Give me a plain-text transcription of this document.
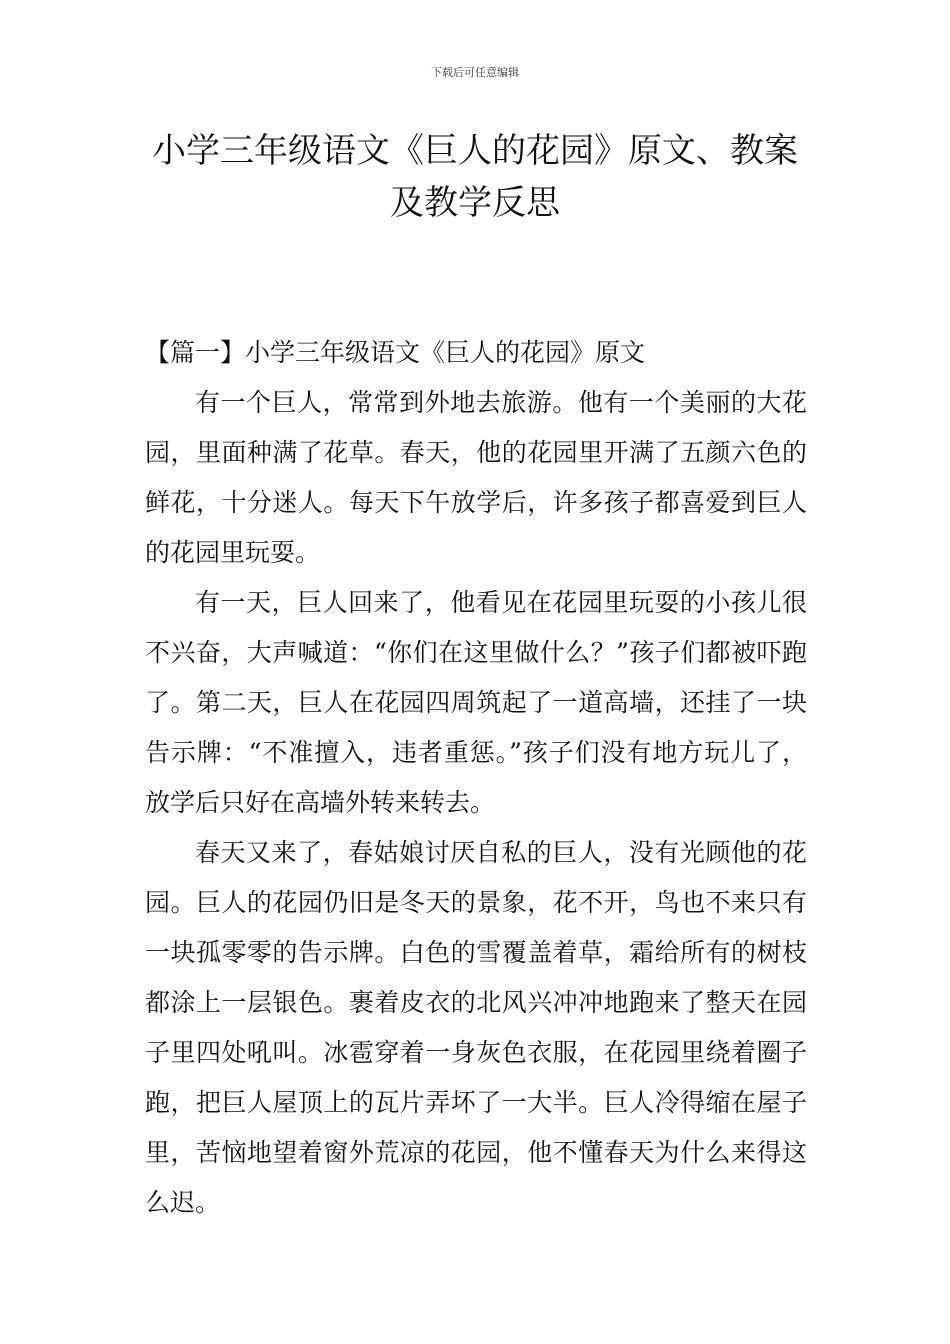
下载后可任意编辑
小学三年级语文《巨人的花园》原文、教案及教学反思

【篇一】小学三年级语文《巨人的花园》原文

有一个巨人，常常到外地去旅游。他有一个美丽的大花园，里面种满了花草。春天，他的花园里开满了五颜六色的鲜花，十分迷人。每天下午放学后，许多孩子都喜爱到巨人的花园里玩耍。

有一天，巨人回来了，他看见在花园里玩耍的小孩儿很不兴奋，大声喊道：“你们在这里做什么？”孩子们都被吓跑了。第二天，巨人在花园四周筑起了一道高墙，还挂了一块告示牌：“不准擅入，违者重惩。”孩子们没有地方玩儿了，放学后只好在高墙外转来转去。

春天又来了，春姑娘讨厌自私的巨人，没有光顾他的花园。巨人的花园仍旧是冬天的景象，花不开，鸟也不来只有一块孤零零的告示牌。白色的雪覆盖着草，霜给所有的树枝都涂上一层银色。裹着皮衣的北风兴冲冲地跑来了整天在园子里四处吼叫。冰雹穿着一身灰色衣服，在花园里绕着圈子跑，把巨人屋顶上的瓦片弄坏了一大半。巨人冷得缩在屋子里，苦恼地望着窗外荒凉的花园，他不懂春天为什么来得这么迟。
